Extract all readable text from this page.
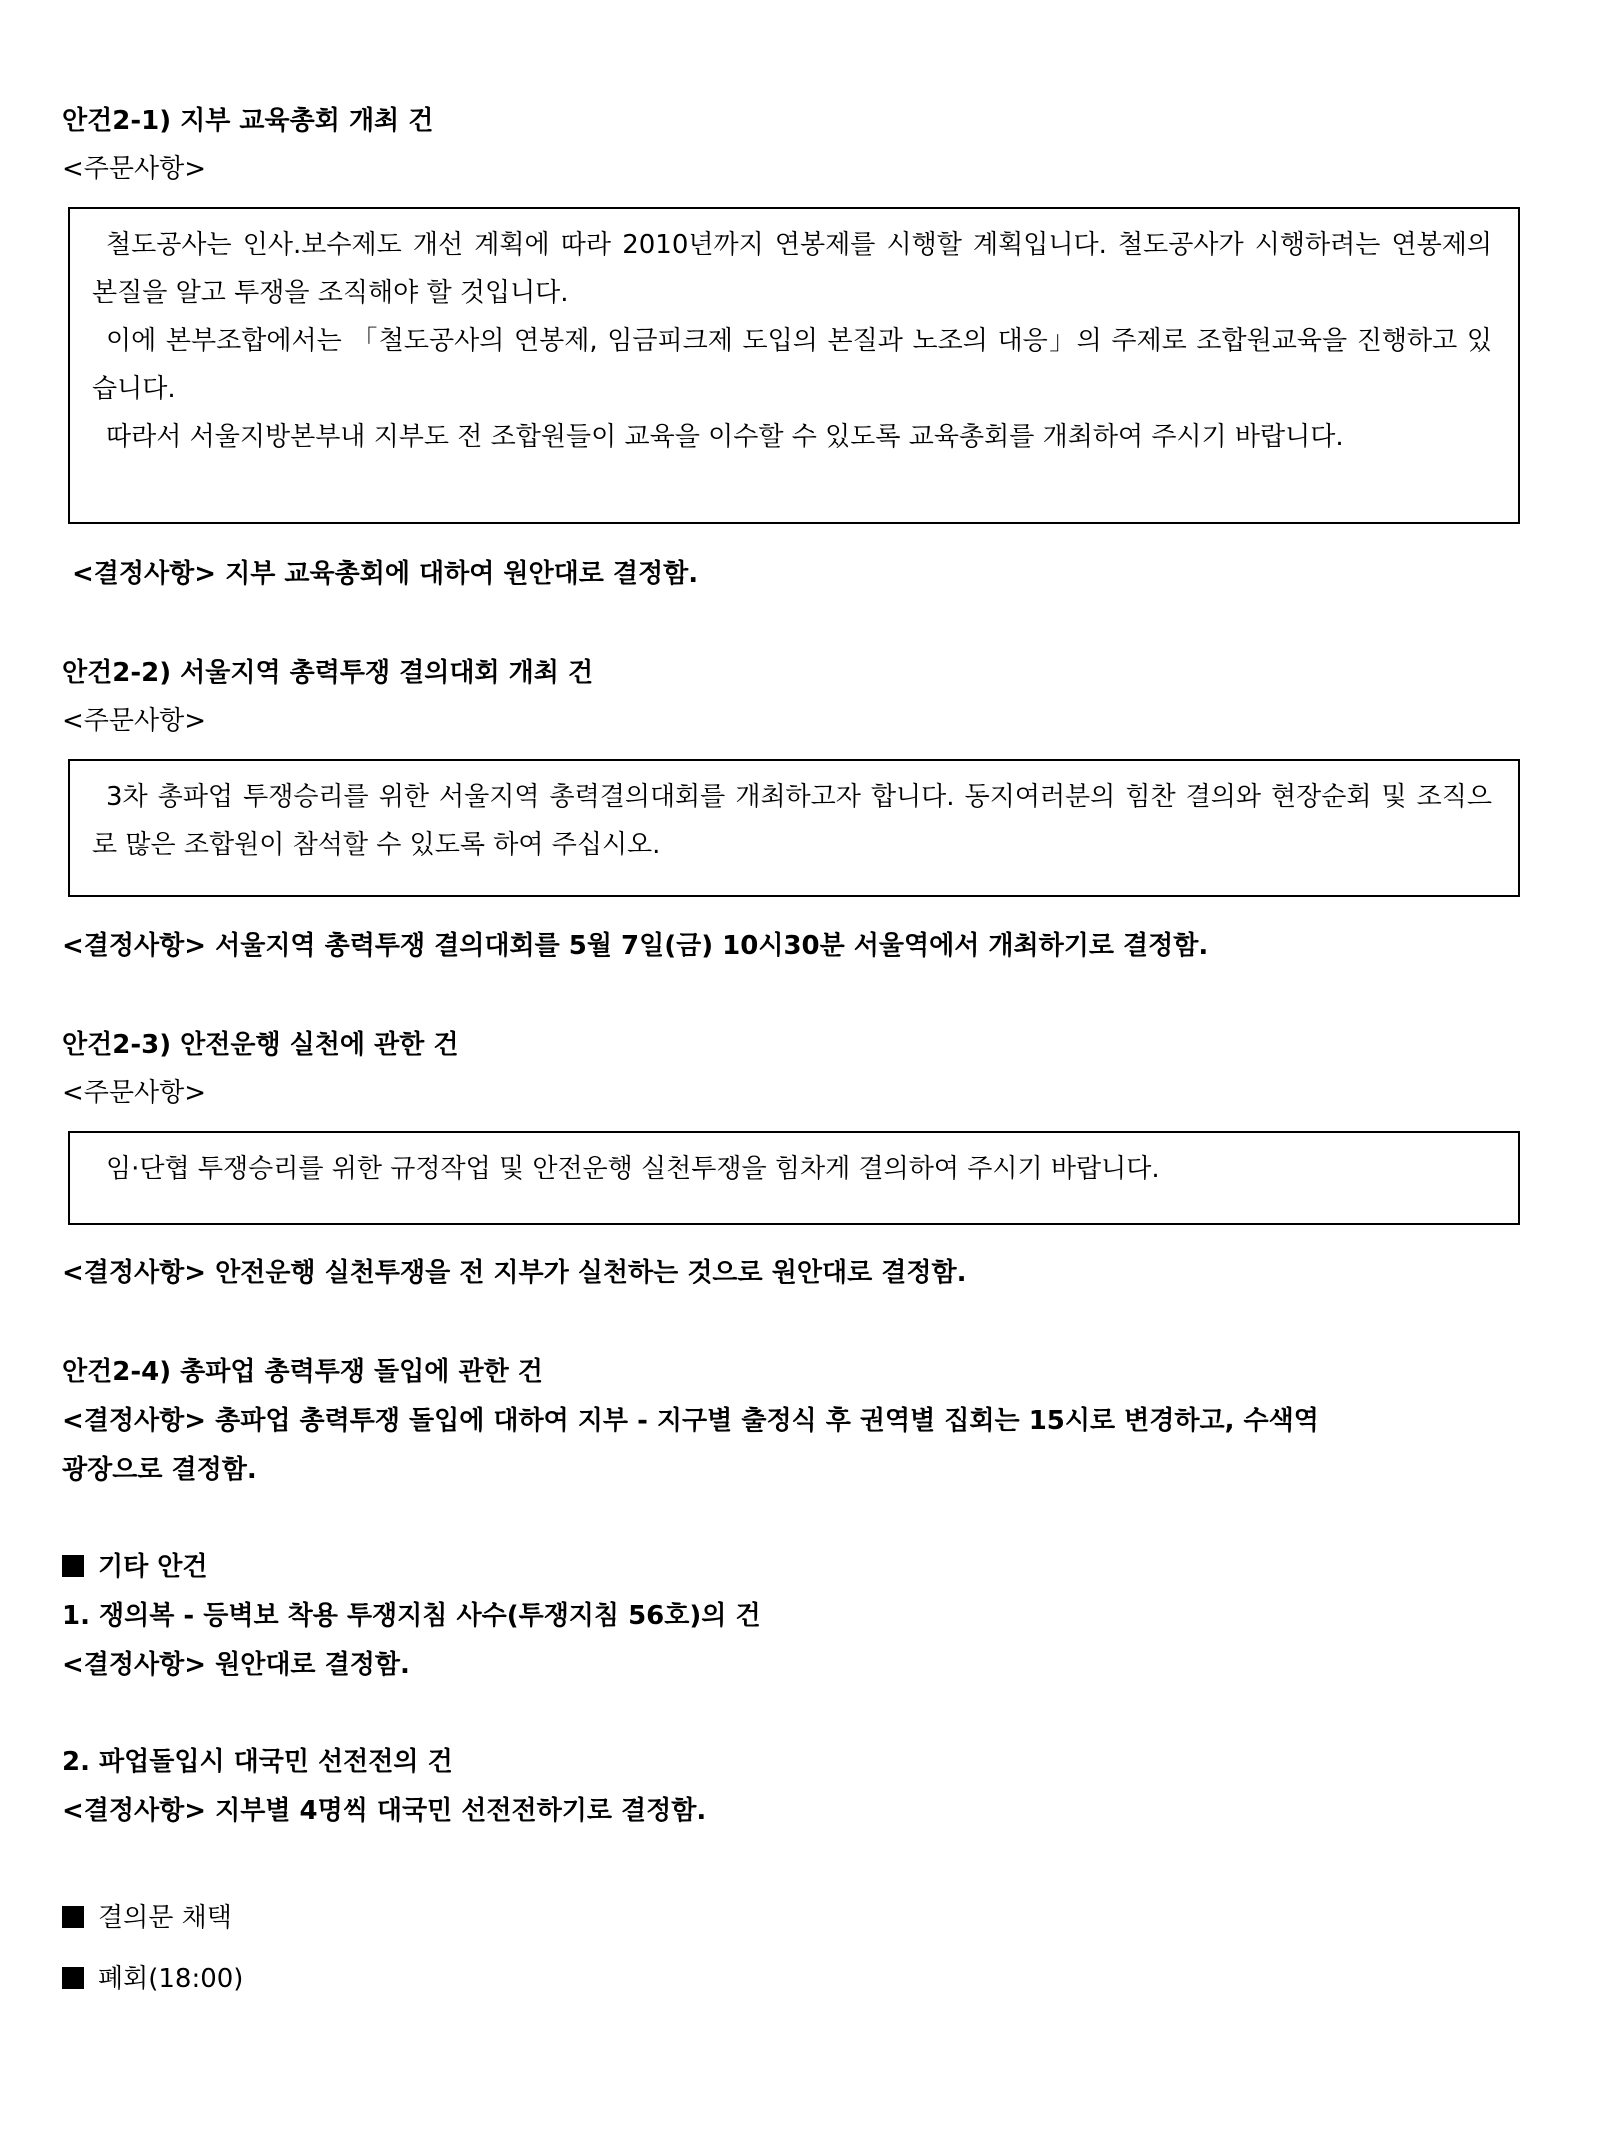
안건2-1) 지부 교육총회 개최 건

<주문사항>

철도공사는 인사.보수제도 개선 계획에 따라 2010년까지 연봉제를 시행할 계획입니다. 철도공사가 시행하려는 연봉제의 본질을 알고 투쟁을 조직해야 할 것입니다.

이에 본부조합에서는 「철도공사의 연봉제, 임금피크제 도입의 본질과 노조의 대응」의 주제로 조합원교육을 진행하고 있습니다.

따라서 서울지방본부내 지부도 전 조합원들이 교육을 이수할 수 있도록 교육총회를 개최하여 주시기 바랍니다.

<결정사항> 지부 교육총회에 대하여 원안대로 결정함.

안건2-2) 서울지역 총력투쟁 결의대회 개최 건

<주문사항>

3차 총파업 투쟁승리를 위한 서울지역 총력결의대회를 개최하고자 합니다. 동지여러분의 힘찬 결의와 현장순회 및 조직으로 많은 조합원이 참석할 수 있도록 하여 주십시오.

<결정사항> 서울지역 총력투쟁 결의대회를 5월 7일(금) 10시30분 서울역에서 개최하기로 결정함.

안건2-3) 안전운행 실천에 관한 건

<주문사항>

임·단협 투쟁승리를 위한 규정작업 및 안전운행 실천투쟁을 힘차게 결의하여 주시기 바랍니다.

<결정사항> 안전운행 실천투쟁을 전 지부가 실천하는 것으로 원안대로 결정함.

안건2-4) 총파업 총력투쟁 돌입에 관한 건

<결정사항> 총파업 총력투쟁 돌입에 대하여 지부 - 지구별 출정식 후 권역별 집회는 15시로 변경하고, 수색역

광장으로 결정함.

기타 안건

1. 쟁의복 - 등벽보 착용 투쟁지침 사수(투쟁지침 56호)의 건

<결정사항> 원안대로 결정함.

2. 파업돌입시 대국민 선전전의 건

<결정사항> 지부별 4명씩 대국민 선전전하기로 결정함.

결의문 채택

폐회(18:00)
